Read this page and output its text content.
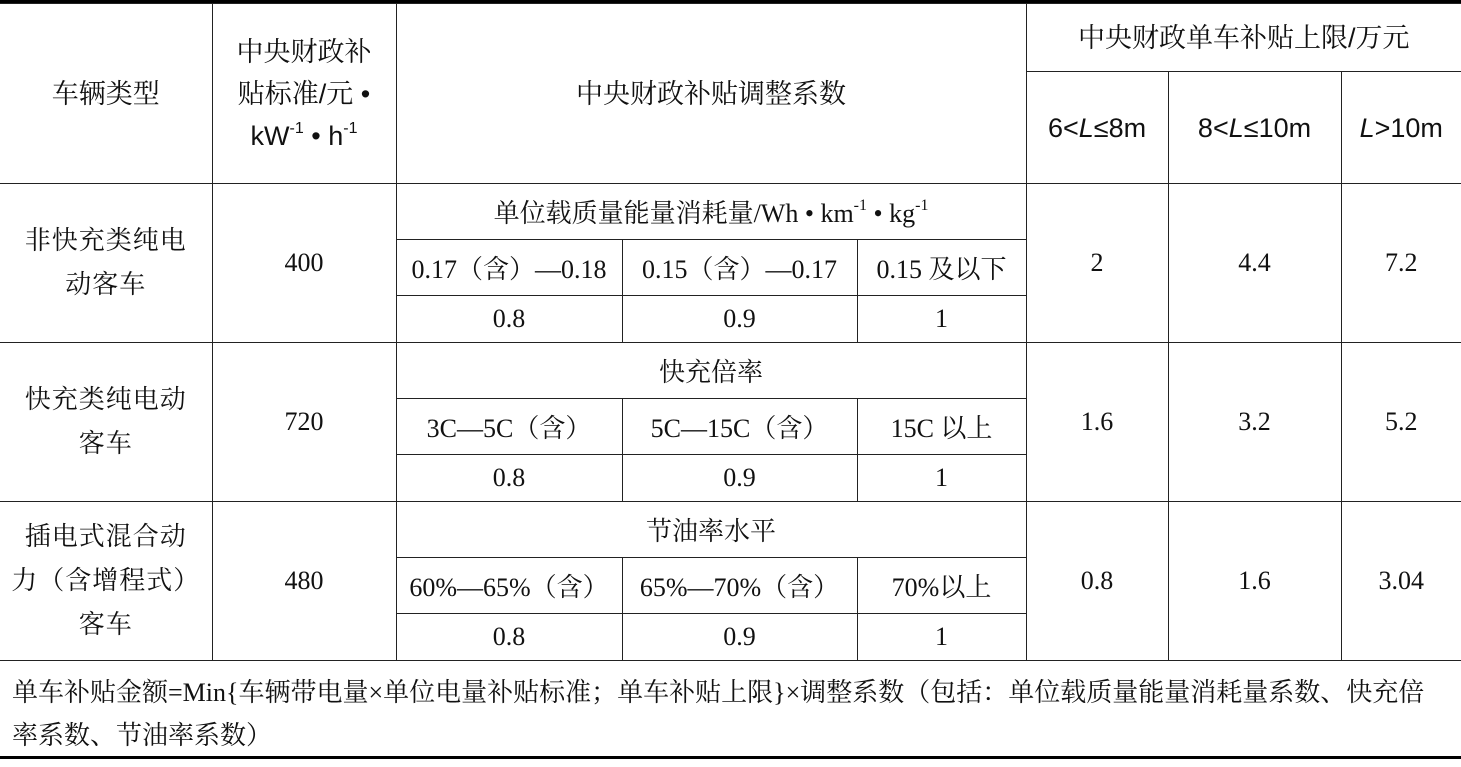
车辆类型	中央财政补
贴标准/元 •
$kW^{-1}$ • $h^{-1}$	中央财政补贴调整系数			中央财政单车补贴上限/万元		
					6<L≤8m	8<L≤10m	L>10m

非快充类纯电
动客车	400	单位载质量能量消耗量/Wh • $km^{-1}$ • $kg^{-1}$			2	4.4	7.2
		0.17（含）—0.18	0.15（含）—0.17	0.15 及以下			
		0.8	0.9	1			

快充类纯电动
客车	720	快充倍率			1.6	3.2	5.2
		3C—5C（含）	5C—15C（含）	15C 以上			
		0.8	0.9	1			

插电式混合动
力（含增程式）
客车	480	节油率水平			0.8	1.6	3.04
		60%—65%（含）	65%—70%（含）	70%以上			
		0.8	0.9	1			
单车补贴金额=Min{车辆带电量×单位电量补贴标准；单车补贴上限}×调整系数（包括：单位载质量能量消耗量系数、快充倍率系数、节油率系数）							
